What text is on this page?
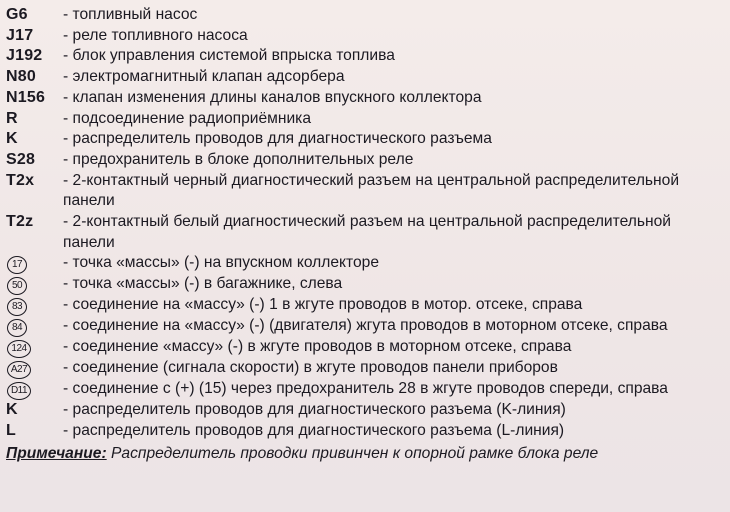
G6	- топливный насос
J17	- реле топливного насоса
J192	- блок управления системой впрыска топлива
N80	- электромагнитный клапан адсорбера
N156	- клапан изменения длины каналов впускного коллектора
R	- подсоединение радиоприёмника
K	- распределитель проводов для диагностического разъема
S28	- предохранитель в блоке дополнительных реле
T2x	- 2-контактный черный диагностический разъем на центральной распределительной панели
T2z	- 2-контактный белый диагностический разъем на центральной распределительной панели
17	- точка «массы» (-) на впускном коллекторе
50	- точка «массы» (-) в багажнике, слева
83	- соединение на «массу» (-) 1 в жгуте проводов в мотор. отсеке, справа
84	- соединение на «массу» (-) (двигателя) жгута проводов в моторном отсеке, справа
124	- соединение «массу» (-) в жгуте проводов в моторном отсеке, справа
A27	- соединение (сигнала скорости) в жгуте проводов панели приборов
D11	- соединение с (+) (15) через предохранитель 28 в жгуте проводов спереди, справа
K	- распределитель проводов для диагностического разъема (K-линия)
L	- распределитель проводов для диагностического разъема (L-линия)
Примечание: Распределитель проводки привинчен к опорной рамке блока реле
